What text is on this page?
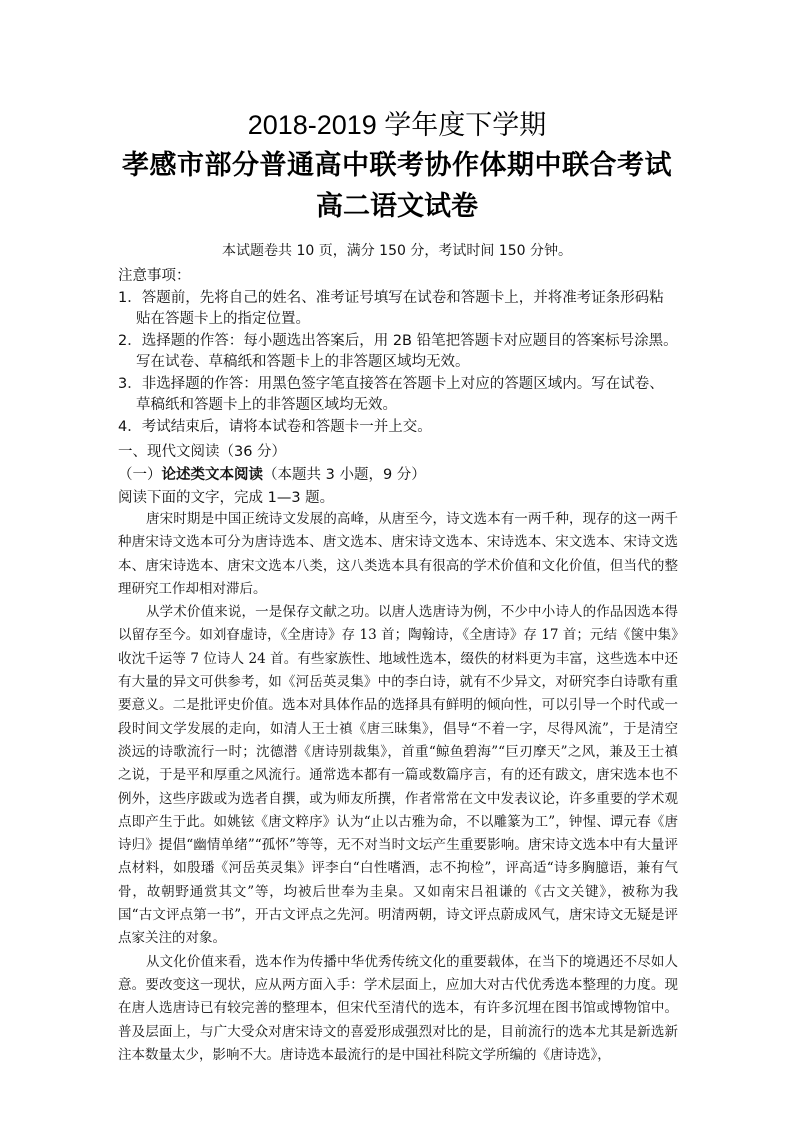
2018-2019 学年度下学期
孝感市部分普通高中联考协作体期中联合考试
高二语文试卷
本试题卷共 10 页，满分 150 分，考试时间 150 分钟。

注意事项：

1．答题前，先将自己的姓名、准考证号填写在试卷和答题卡上，并将准考证条形码粘贴在答题卡上的指定位置。

2．选择题的作答：每小题选出答案后，用 2B 铅笔把答题卡对应题目的答案标号涂黑。写在试卷、草稿纸和答题卡上的非答题区域均无效。

3．非选择题的作答：用黑色签字笔直接答在答题卡上对应的答题区域内。写在试卷、草稿纸和答题卡上的非答题区域均无效。

4．考试结束后，请将本试卷和答题卡一并上交。

一、现代文阅读（36 分）
（一）论述类文本阅读（本题共 3 小题，9 分）
阅读下面的文字，完成 1—3 题。

唐宋时期是中国正统诗文发展的高峰，从唐至今，诗文选本有一两千种，现存的这一两千种唐宋诗文选本可分为唐诗选本、唐文选本、唐宋诗文选本、宋诗选本、宋文选本、宋诗文选本、唐宋诗选本、唐宋文选本八类，这八类选本具有很高的学术价值和文化价值，但当代的整理研究工作却相对滞后。

从学术价值来说，一是保存文献之功。以唐人选唐诗为例，不少中小诗人的作品因选本得以留存至今。如刘眘虚诗，《全唐诗》存 13 首；陶翰诗，《全唐诗》存 17 首；元结《箧中集》收沈千运等 7 位诗人 24 首。有些家族性、地域性选本，缀佚的材料更为丰富，这些选本中还有大量的异文可供参考，如《河岳英灵集》中的李白诗，就有不少异文，对研究李白诗歌有重要意义。二是批评史价值。选本对具体作品的选择具有鲜明的倾向性，可以引导一个时代或一段时间文学发展的走向，如清人王士禛《唐三昧集》，倡导“不着一字，尽得风流”，于是清空淡远的诗歌流行一时；沈德潜《唐诗别裁集》，首重“鲸鱼碧海”“巨刃摩天”之风，兼及王士禛之说，于是平和厚重之风流行。通常选本都有一篇或数篇序言，有的还有跋文，唐宋选本也不例外，这些序跋或为选者自撰，或为师友所撰，作者常常在文中发表议论，许多重要的学术观点即产生于此。如姚铉《唐文粹序》认为“止以古雅为命，不以雕篆为工”，钟惺、谭元春《唐诗归》提倡“幽情单绪”“孤怀”等等，无不对当时文坛产生重要影响。唐宋诗文选本中有大量评点材料，如殷璠《河岳英灵集》评李白“白性嗜酒，志不拘检”，评高适“诗多胸臆语，兼有气骨，故朝野通赏其文”等，均被后世奉为圭臬。又如南宋吕祖谦的《古文关键》，被称为我国“古文评点第一书”，开古文评点之先河。明清两朝，诗文评点蔚成风气，唐宋诗文无疑是评点家关注的对象。

从文化价值来看，选本作为传播中华优秀传统文化的重要载体，在当下的境遇还不尽如人意。要改变这一现状，应从两方面入手：学术层面上，应加大对古代优秀选本整理的力度。现在唐人选唐诗已有较完善的整理本，但宋代至清代的选本，有许多沉埋在图书馆或博物馆中。普及层面上，与广大受众对唐宋诗文的喜爱形成强烈对比的是，目前流行的选本尤其是新选新注本数量太少，影响不大。唐诗选本最流行的是中国社科院文学所编的《唐诗选》，
